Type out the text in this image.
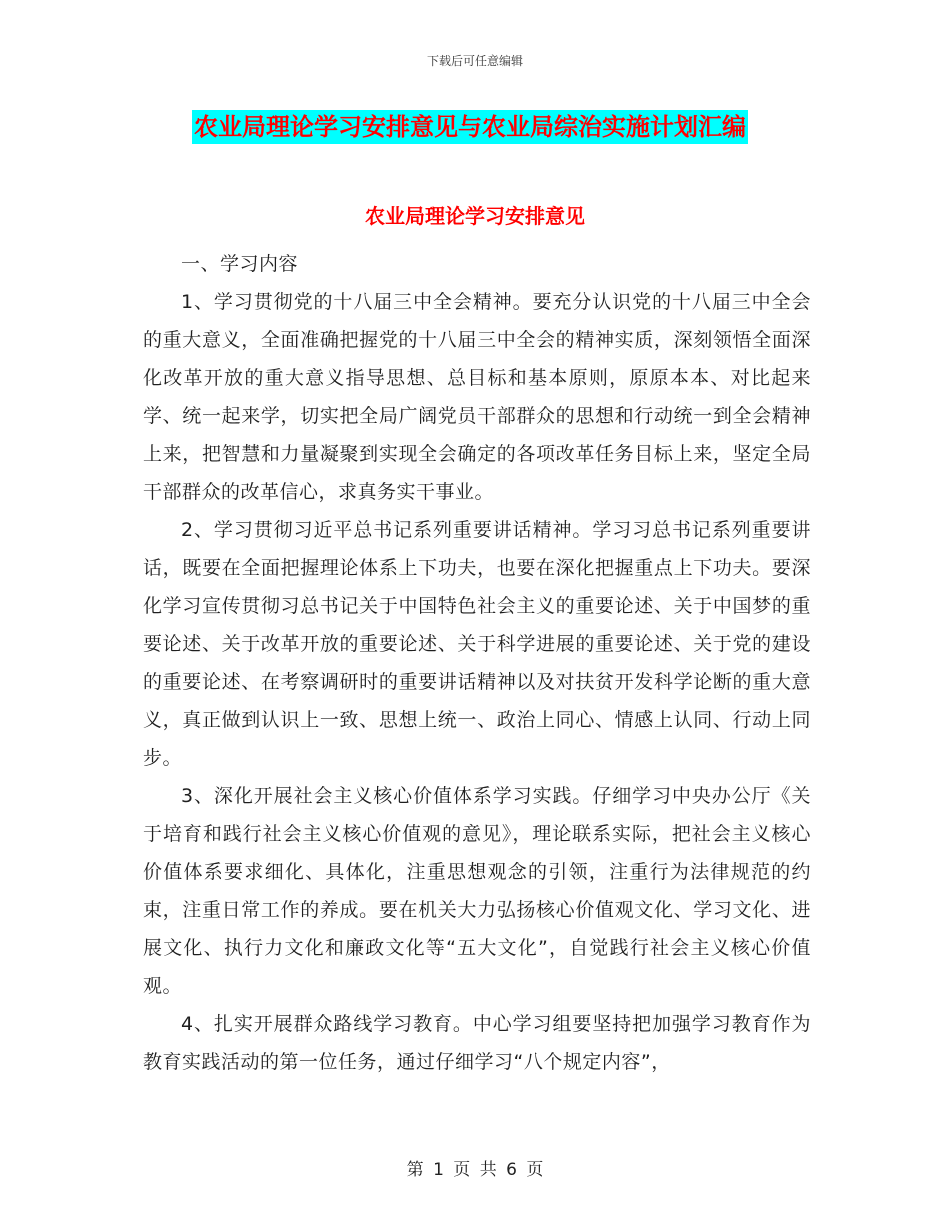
下载后可任意编辑
农业局理论学习安排意见与农业局综治实施计划汇编
农业局理论学习安排意见

一、学习内容

1、学习贯彻党的十八届三中全会精神。要充分认识党的十八届三中全会的重大意义，全面准确把握党的十八届三中全会的精神实质，深刻领悟全面深化改革开放的重大意义指导思想、总目标和基本原则，原原本本、对比起来学、统一起来学，切实把全局广阔党员干部群众的思想和行动统一到全会精神上来，把智慧和力量凝聚到实现全会确定的各项改革任务目标上来，坚定全局干部群众的改革信心，求真务实干事业。

2、学习贯彻习近平总书记系列重要讲话精神。学习习总书记系列重要讲话，既要在全面把握理论体系上下功夫，也要在深化把握重点上下功夫。要深化学习宣传贯彻习总书记关于中国特色社会主义的重要论述、关于中国梦的重要论述、关于改革开放的重要论述、关于科学进展的重要论述、关于党的建设的重要论述、在考察调研时的重要讲话精神以及对扶贫开发科学论断的重大意义，真正做到认识上一致、思想上统一、政治上同心、情感上认同、行动上同步。

3、深化开展社会主义核心价值体系学习实践。仔细学习中央办公厅《关于培育和践行社会主义核心价值观的意见》，理论联系实际，把社会主义核心价值体系要求细化、具体化，注重思想观念的引领，注重行为法律规范的约束，注重日常工作的养成。要在机关大力弘扬核心价值观文化、学习文化、进展文化、执行力文化和廉政文化等“五大文化”，自觉践行社会主义核心价值观。

4、扎实开展群众路线学习教育。中心学习组要坚持把加强学习教育作为教育实践活动的第一位任务，通过仔细学习“八个规定内容”，

第 1 页 共 6 页
